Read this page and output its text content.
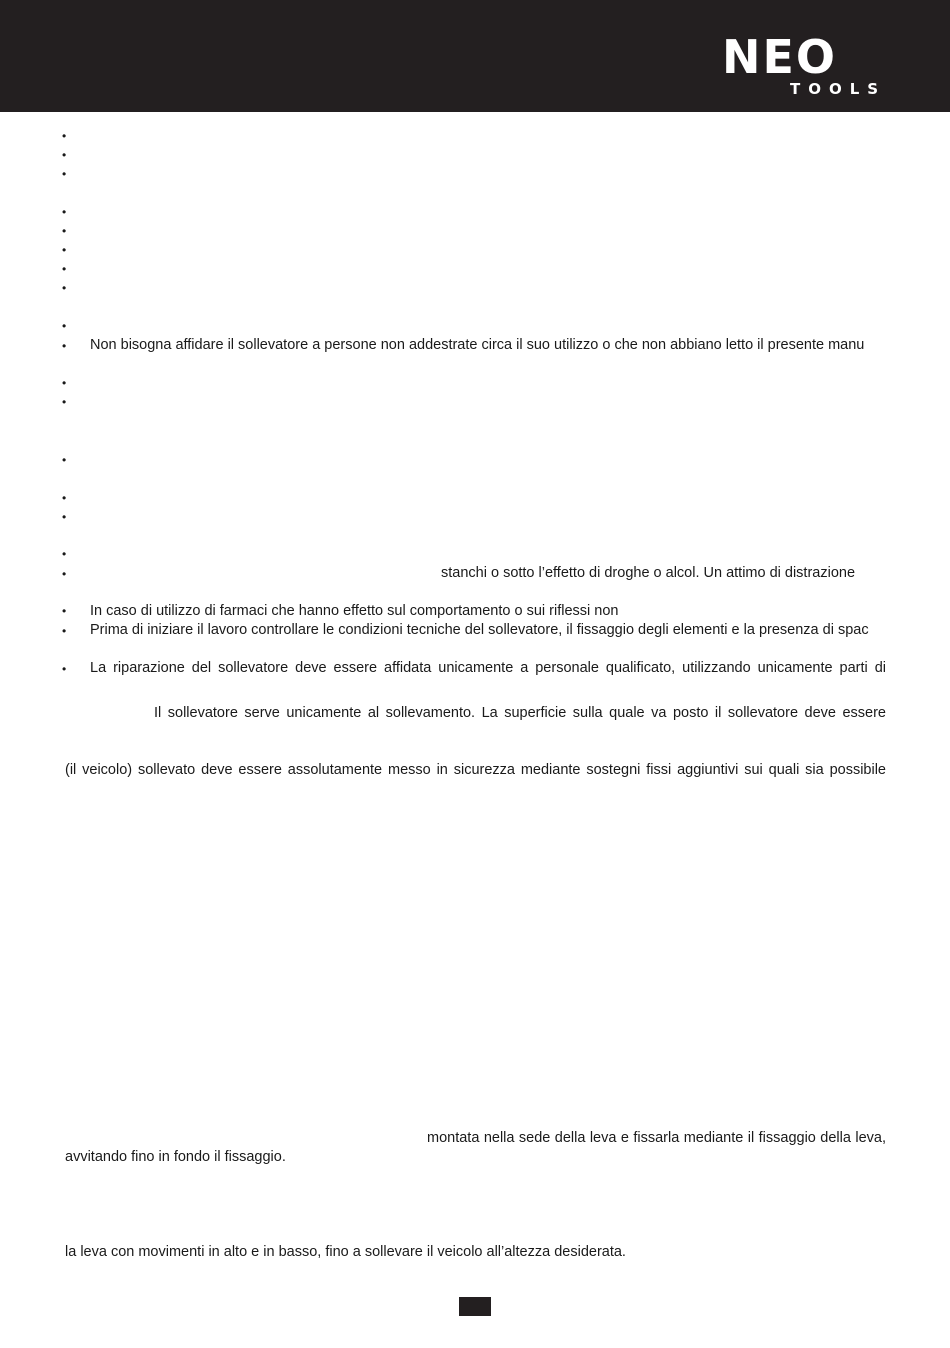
NEO
TOOLS
•
•
•
•
•
•
•
•
•
•
•
•
•
•
•
•
•
•
•
•
Non bisogna affidare il sollevatore a persone non addestrate circa il suo utilizzo o che non abbiano letto il presente manu
stanchi o sotto l’effetto di droghe o alcol. Un attimo di distrazione
In caso di utilizzo di farmaci che hanno effetto sul comportamento o sui riflessi non
Prima di iniziare il lavoro controllare le condizioni tecniche del sollevatore, il fissaggio degli elementi e la presenza di spac
La riparazione del sollevatore deve essere affidata unicamente a personale qualificato, utilizzando unicamente parti di
Il sollevatore serve unicamente al sollevamento. La superficie sulla quale va posto il sollevatore deve essere
(il veicolo) sollevato deve essere assolutamente messo in sicurezza mediante sostegni fissi aggiuntivi sui quali sia possibile
montata nella sede della leva e fissarla mediante il fissaggio della leva,
avvitando fino in fondo il fissaggio.
la leva con movimenti in alto e in basso, fino a sollevare il veicolo all’altezza desiderata.
